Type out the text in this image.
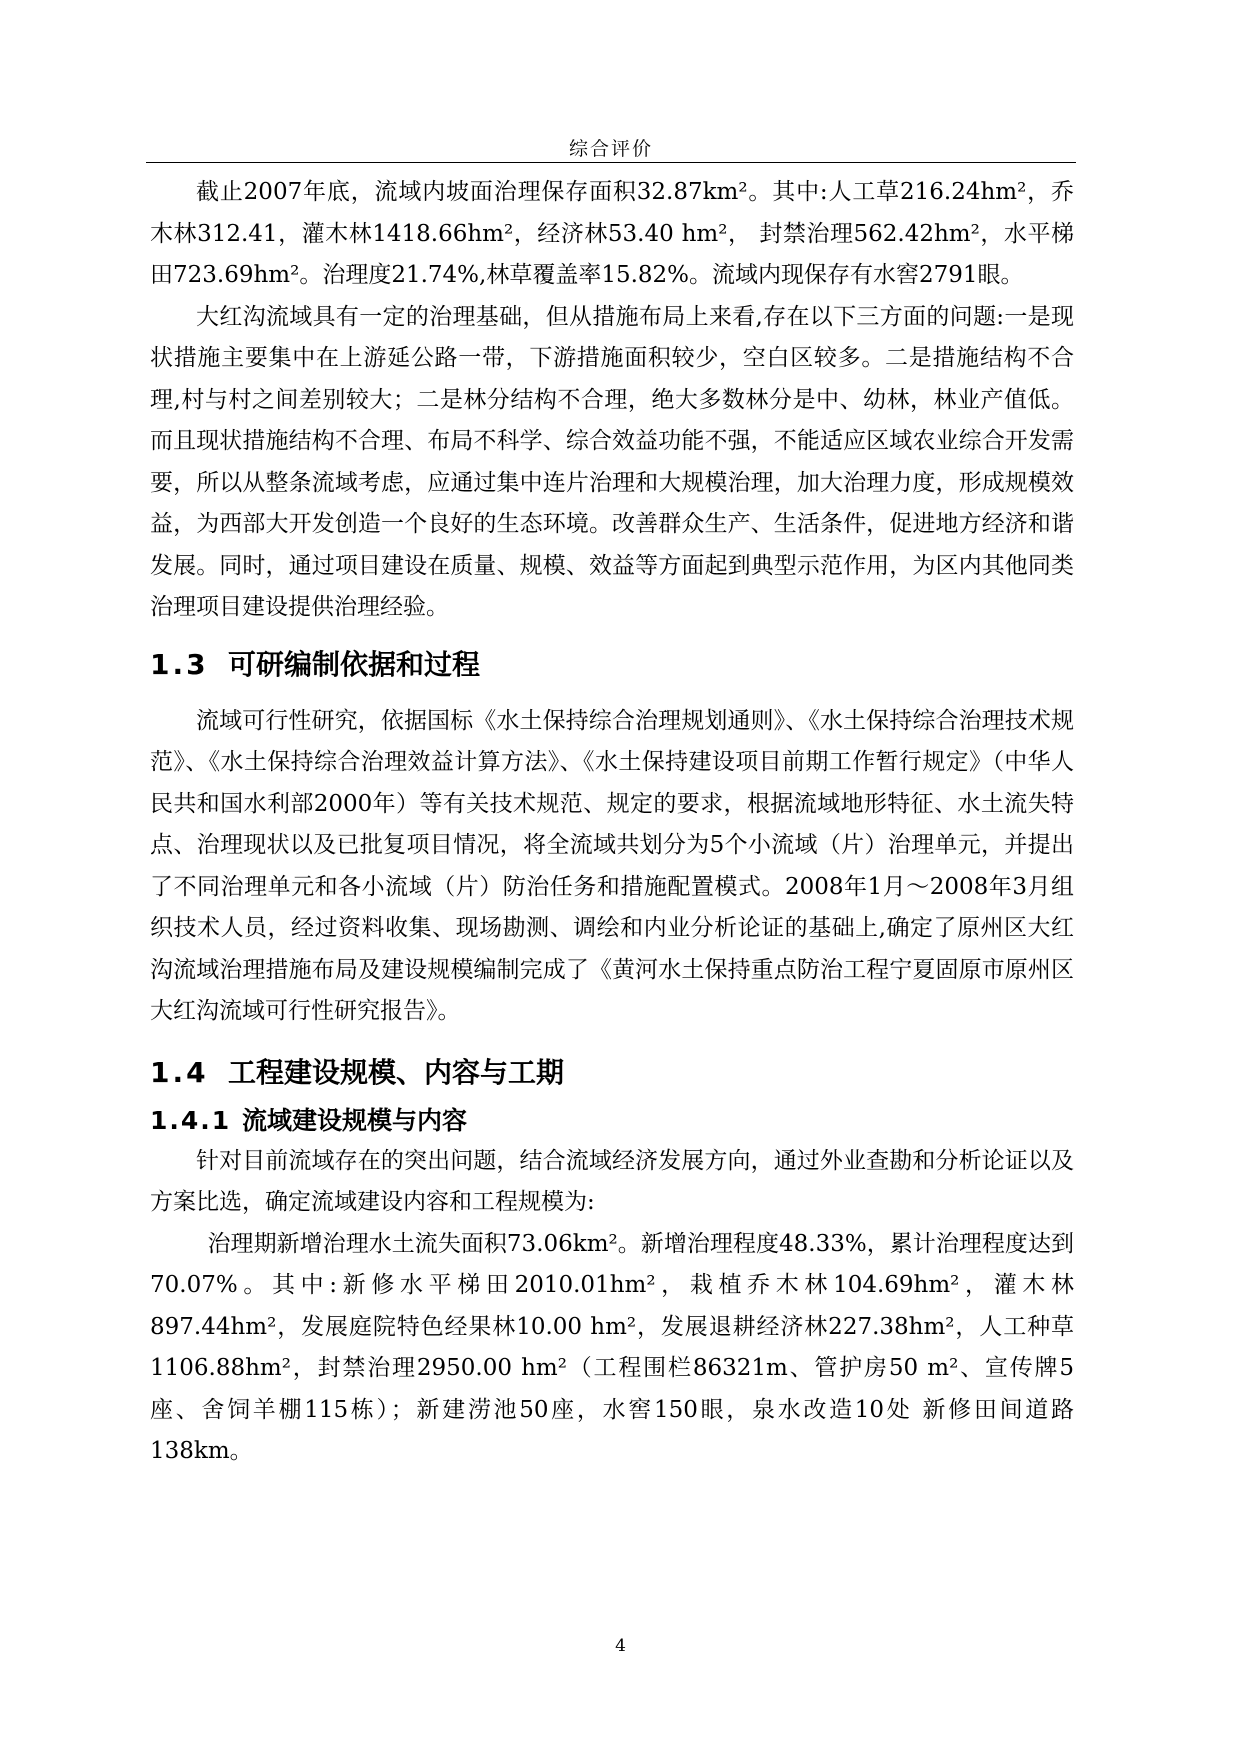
综合评价

截止2007年底，流域内坡面治理保存面积32.87km²。其中:人工草216.24hm²，乔木林312.41，灌木林1418.66hm²，经济林53.40 hm²， 封禁治理562.42hm²，水平梯田723.69hm²。治理度21.74%,林草覆盖率15.82%。流域内现保存有水窖2791眼。

大红沟流域具有一定的治理基础，但从措施布局上来看,存在以下三方面的问题:一是现状措施主要集中在上游延公路一带，下游措施面积较少，空白区较多。二是措施结构不合理,村与村之间差别较大；二是林分结构不合理，绝大多数林分是中、幼林，林业产值低。而且现状措施结构不合理、布局不科学、综合效益功能不强，不能适应区域农业综合开发需要，所以从整条流域考虑，应通过集中连片治理和大规模治理，加大治理力度，形成规模效益，为西部大开发创造一个良好的生态环境。改善群众生产、生活条件，促进地方经济和谐发展。同时，通过项目建设在质量、规模、效益等方面起到典型示范作用，为区内其他同类治理项目建设提供治理经验。

1.3 可研编制依据和过程

流域可行性研究，依据国标《水土保持综合治理规划通则》、《水土保持综合治理技术规范》、《水土保持综合治理效益计算方法》、《水土保持建设项目前期工作暂行规定》（中华人民共和国水利部2000年）等有关技术规范、规定的要求，根据流域地形特征、水土流失特点、治理现状以及已批复项目情况，将全流域共划分为5个小流域（片）治理单元，并提出了不同治理单元和各小流域（片）防治任务和措施配置模式。2008年1月～2008年3月组织技术人员，经过资料收集、现场勘测、调绘和内业分析论证的基础上,确定了原州区大红沟流域治理措施布局及建设规模编制完成了《黄河水土保持重点防治工程宁夏固原市原州区大红沟流域可行性研究报告》。

1.4 工程建设规模、内容与工期
1.4.1 流域建设规模与内容

针对目前流域存在的突出问题，结合流域经济发展方向，通过外业查勘和分析论证以及方案比选，确定流域建设内容和工程规模为:

治理期新增治理水土流失面积73.06km²。新增治理程度48.33%，累计治理程度达到70.07%。其中:新修水平梯田2010.01hm²，栽植乔木林104.69hm²，灌木林897.44hm²，发展庭院特色经果林10.00 hm²，发展退耕经济林227.38hm²，人工种草1106.88hm²，封禁治理2950.00 hm²（工程围栏86321m、管护房50 m²、宣传牌5座、舍饲羊棚115栋）；新建涝池50座，水窖150眼，泉水改造10处 新修田间道路138km。

4
